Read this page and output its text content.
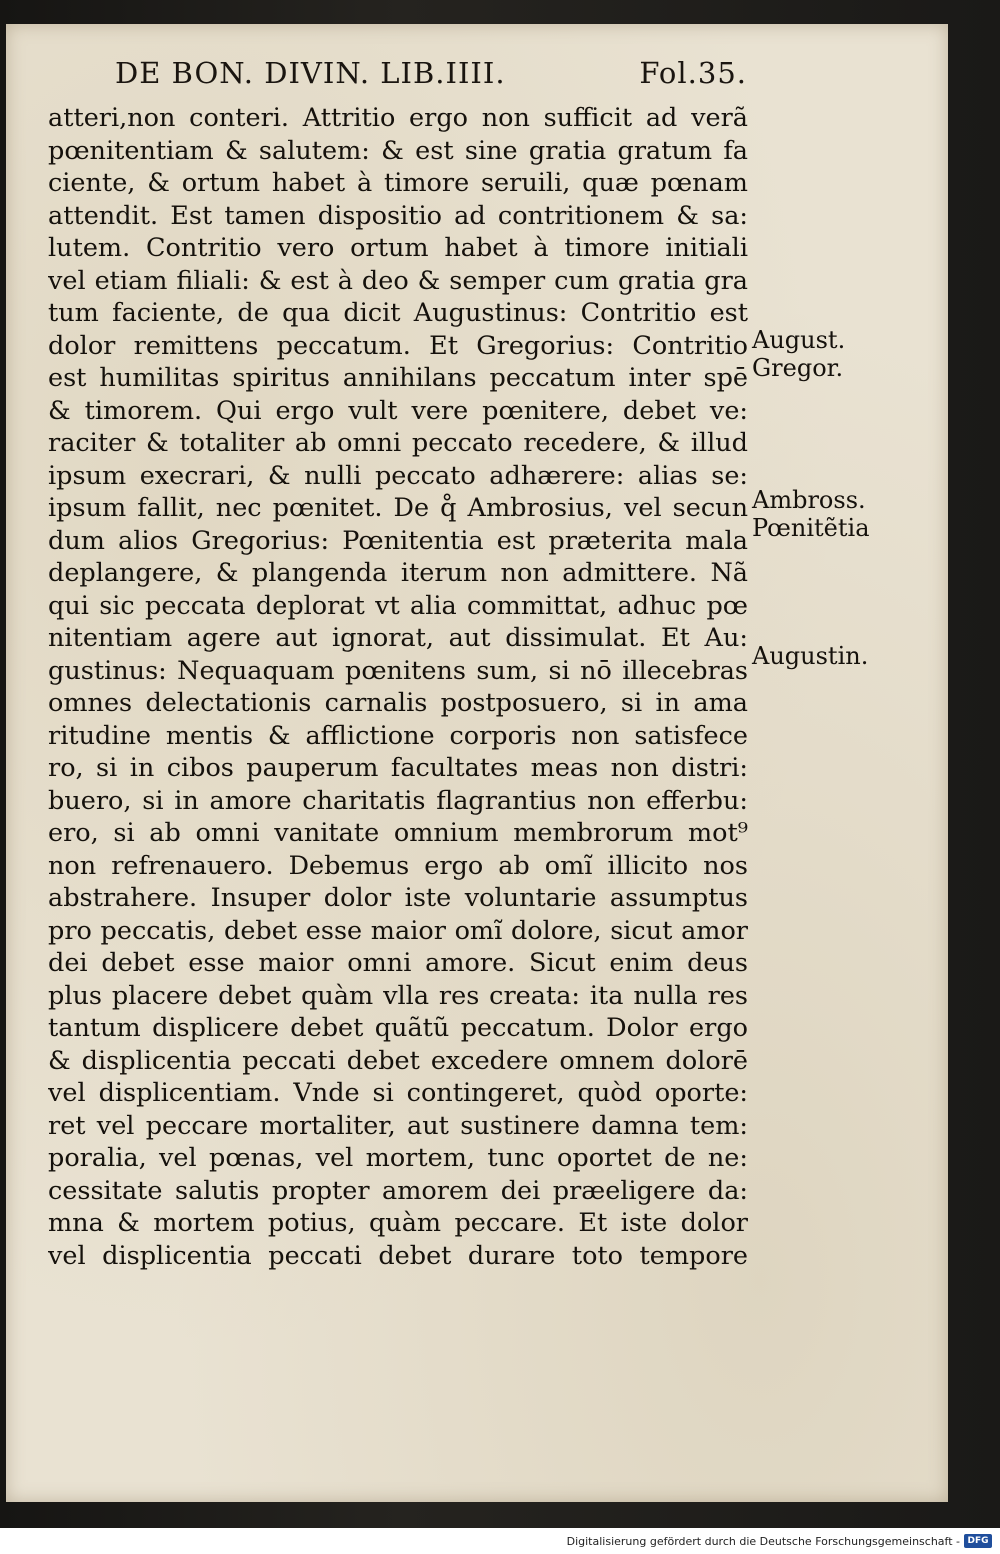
DE BON. DIVIN. LIB.IIII.	Fol.35.
atteri,non conteri. Attritio ergo non sufficit ad verã
pœnitentiam & salutem: & est sine gratia gratum fa
ciente, & ortum habet à timore seruili, quæ pœnam
attendit. Est tamen dispositio ad contritionem & sa:
lutem. Contritio vero ortum habet à timore initiali
vel etiam filiali: & est à deo & semper cum gratia gra
tum faciente, de qua dicit Augustinus: Contritio est
dolor remittens peccatum. Et Gregorius: Contritio
est humilitas spiritus annihilans peccatum inter spē
& timorem. Qui ergo vult vere pœnitere, debet ve:
raciter & totaliter ab omni peccato recedere, & illud
ipsum execrari, & nulli peccato adhærere: alias se:
ipsum fallit, nec pœnitet. De q̊ Ambrosius, vel secun
dum alios Gregorius: Pœnitentia est præterita mala
deplangere, & plangenda iterum non admittere. Nã
qui sic peccata deplorat vt alia committat, adhuc pœ
nitentiam agere aut ignorat, aut dissimulat. Et Au:
gustinus: Nequaquam pœnitens sum, si nō illecebras
omnes delectationis carnalis postposuero, si in ama
ritudine mentis & afflictione corporis non satisfece
ro, si in cibos pauperum facultates meas non distri:
buero, si in amore charitatis flagrantius non efferbu:
ero, si ab omni vanitate omnium membrorum mot⁹
non refrenauero. Debemus ergo ab omĩ illicito nos
abstrahere. Insuper dolor iste voluntarie assumptus
pro peccatis, debet esse maior omĩ dolore, sicut amor
dei debet esse maior omni amore. Sicut enim deus
plus placere debet quàm vlla res creata: ita nulla res
tantum displicere debet quãtũ peccatum. Dolor ergo
& displicentia peccati debet excedere omnem dolorē
vel displicentiam. Vnde si contingeret, quòd oporte:
ret vel peccare mortaliter, aut sustinere damna tem:
poralia, vel pœnas, vel mortem, tunc oportet de ne:
cessitate salutis propter amorem dei præeligere da:
mna & mortem potius, quàm peccare. Et iste dolor
vel displicentia peccati debet durare toto tempore
August.
Gregor.
Ambross.
Pœnitẽtia
Augustin.
Digitalisierung gefördert durch die Deutsche Forschungsgemeinschaft - DFG
